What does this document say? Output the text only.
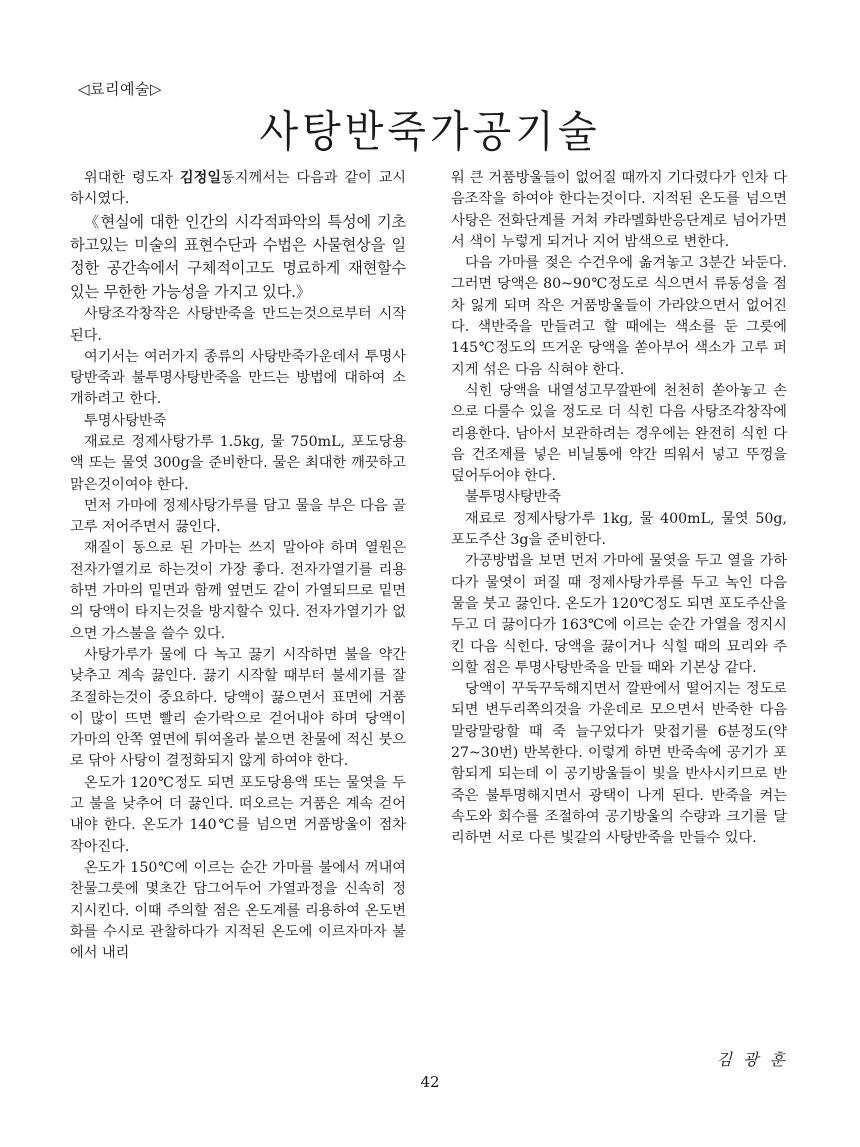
◁료리예술▷
사탕반죽가공기술

위대한 령도자 김정일동지께서는 다음과 같이 교시하시였다.

《현실에 대한 인간의 시각적파악의 특성에 기초하고있는 미술의 표현수단과 수법은 사물현상을 일정한 공간속에서 구체적이고도 명료하게 재현할수 있는 무한한 가능성을 가지고 있다.》

사탕조각창작은 사탕반죽을 만드는것으로부터 시작된다.

여기서는 여러가지 종류의 사탕반죽가운데서 투명사탕반죽과 불투명사탕반죽을 만드는 방법에 대하여 소개하려고 한다.

투명사탕반죽

재료로 정제사탕가루 1.5kg, 물 750mL, 포도당용액 또는 물엿 300g을 준비한다. 물은 최대한 깨끗하고 맑은것이여야 한다.

먼저 가마에 정제사탕가루를 담고 물을 부은 다음 골고루 저어주면서 끓인다.

재질이 동으로 된 가마는 쓰지 말아야 하며 열원은 전자가열기로 하는것이 가장 좋다. 전자가열기를 리용하면 가마의 밑면과 함께 옆면도 같이 가열되므로 밑면의 당액이 타지는것을 방지할수 있다. 전자가열기가 없으면 가스불을 쓸수 있다.

사탕가루가 물에 다 녹고 끓기 시작하면 불을 약간 낮추고 계속 끓인다. 끓기 시작할 때부터 불세기를 잘 조절하는것이 중요하다. 당액이 끓으면서 표면에 거품이 많이 뜨면 빨리 숟가락으로 걷어내야 하며 당액이 가마의 안쪽 옆면에 튀여올라 붙으면 찬물에 적신 붓으로 닦아 사탕이 결정화되지 않게 하여야 한다.

온도가 120℃정도 되면 포도당용액 또는 물엿을 두고 불을 낮추어 더 끓인다. 떠오르는 거품은 계속 걷어내야 한다. 온도가 140℃를 넘으면 거품방울이 점차 작아진다.

온도가 150℃에 이르는 순간 가마를 불에서 꺼내여 찬물그릇에 몇초간 담그어두어 가열과정을 신속히 정지시킨다. 이때 주의할 점은 온도계를 리용하여 온도변화를 수시로 관찰하다가 지적된 온도에 이르자마자 불에서 내리

워 큰 거품방울들이 없어질 때까지 기다렸다가 인차 다음조작을 하여야 한다는것이다. 지적된 온도를 넘으면 사탕은 전화단계를 거쳐 캬라멜화반응단계로 넘어가면서 색이 누렇게 되거나 지어 밤색으로 변한다.

다음 가마를 젖은 수건우에 옮겨놓고 3분간 놔둔다. 그러면 당액은 80~90℃정도로 식으면서 류동성을 점차 잃게 되며 작은 거품방울들이 가라앉으면서 없어진다. 색반죽을 만들려고 할 때에는 색소를 둔 그릇에 145℃정도의 뜨거운 당액을 쏟아부어 색소가 고루 퍼지게 섞은 다음 식혀야 한다.

식힌 당액을 내열성고무깔판에 천천히 쏟아놓고 손으로 다룰수 있을 정도로 더 식힌 다음 사탕조각창작에 리용한다. 남아서 보관하려는 경우에는 완전히 식힌 다음 건조제를 넣은 비닐통에 약간 띄워서 넣고 뚜껑을 덮어두어야 한다.

불투명사탕반죽

재료로 정제사탕가루 1kg, 물 400mL, 물엿 50g, 포도주산 3g을 준비한다.

가공방법을 보면 먼저 가마에 물엿을 두고 열을 가하다가 물엿이 퍼질 때 정제사탕가루를 두고 녹인 다음 물을 붓고 끓인다. 온도가 120℃정도 되면 포도주산을 두고 더 끓이다가 163℃에 이르는 순간 가열을 정지시킨 다음 식힌다. 당액을 끓이거나 식힐 때의 묘리와 주의할 점은 투명사탕반죽을 만들 때와 기본상 같다.

당액이 꾸둑꾸둑해지면서 깔판에서 떨어지는 정도로 되면 변두리쪽의것을 가운데로 모으면서 반죽한 다음 말랑말랑할 때 죽 늘구었다가 맞접기를 6분정도(약 27~30번) 반복한다. 이렇게 하면 반죽속에 공기가 포함되게 되는데 이 공기방울들이 빛을 반사시키므로 반죽은 불투명해지면서 광택이 나게 된다. 반죽을 켜는 속도와 회수를 조절하여 공기방울의 수량과 크기를 달리하면 서로 다른 빛갈의 사탕반죽을 만들수 있다.

김 광 훈
42
